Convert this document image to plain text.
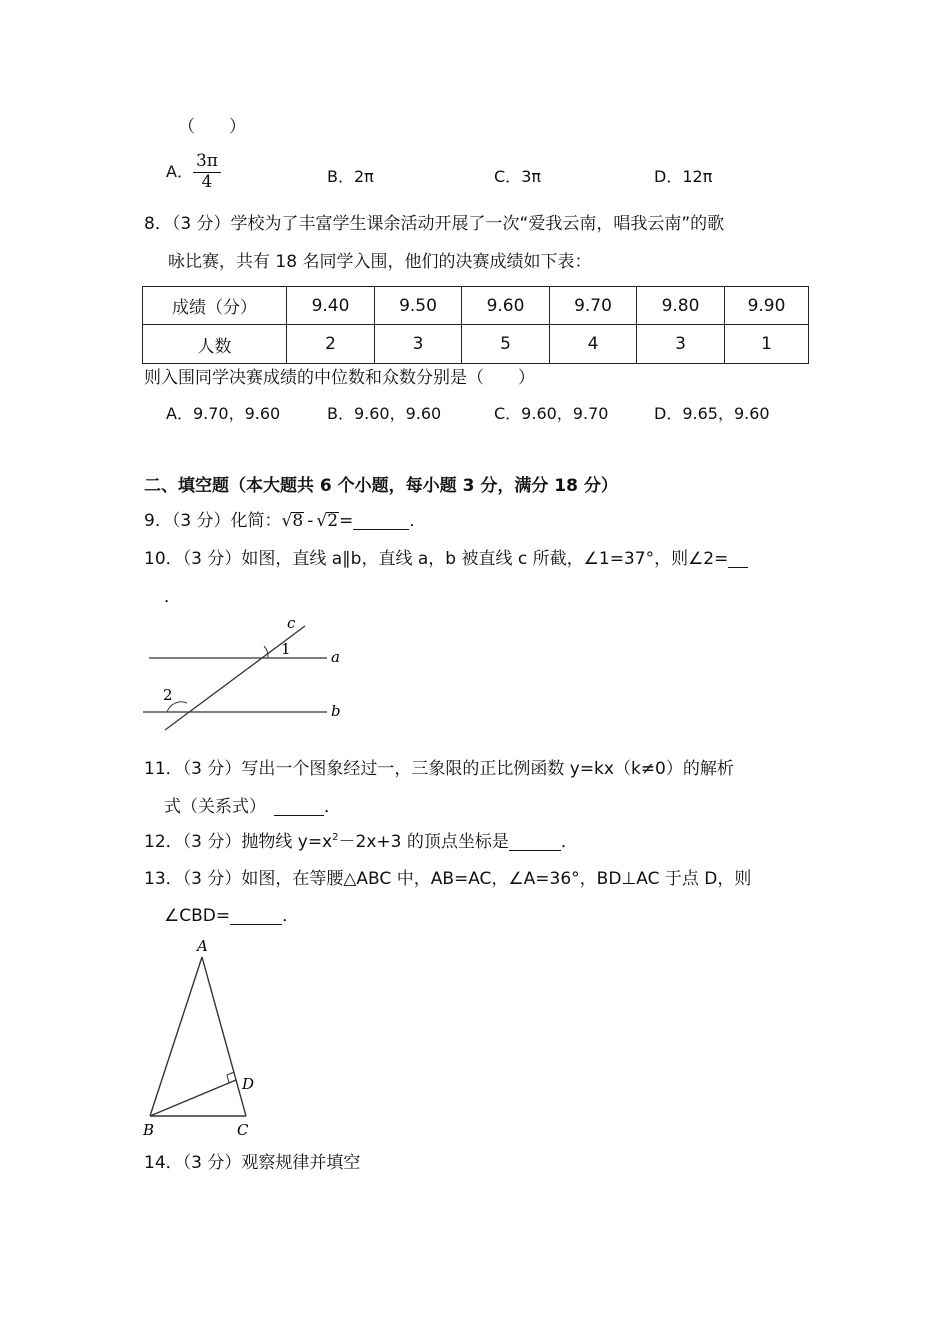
（　　）
A． $\frac{3\pi}{4}$	B．2π	C．3π	D．12π
8．（3 分）学校为了丰富学生课余活动开展了一次“爱我云南，唱我云南”的歌
咏比赛，共有 18 名同学入围，他们的决赛成绩如下表：
成绩（分）	9.40	9.50	9.60	9.70	9.80	9.90
人数	2	3	5	4	3	1
则入围同学决赛成绩的中位数和众数分别是（　　）
A．9.70，9.60	B．9.60，9.60	C．9.60，9.70	D．9.65，9.60
二、填空题（本大题共 6 个小题，每小题 3 分，满分 18 分）
9．（3 分）化简： √ 8 - √ 2 =	．
10．（3 分）如图，直线 a∥b，直线 a，b 被直线 c 所截，∠1=37°，则∠2=
．
c
a
b
1
2
11．（3 分）写出一个图象经过一，三象限的正比例函数 y=kx（k≠0）的解析
式（关系式）	．
12．（3 分）抛物线 $y=x^2 -2x+3$ 的顶点坐标是	．
13．（3 分）如图，在等腰△ABC 中，AB=AC，∠A=36°，BD⊥AC 于点 D，则
∠CBD=	．
A
B	C
D
14．（3 分）观察规律并填空
